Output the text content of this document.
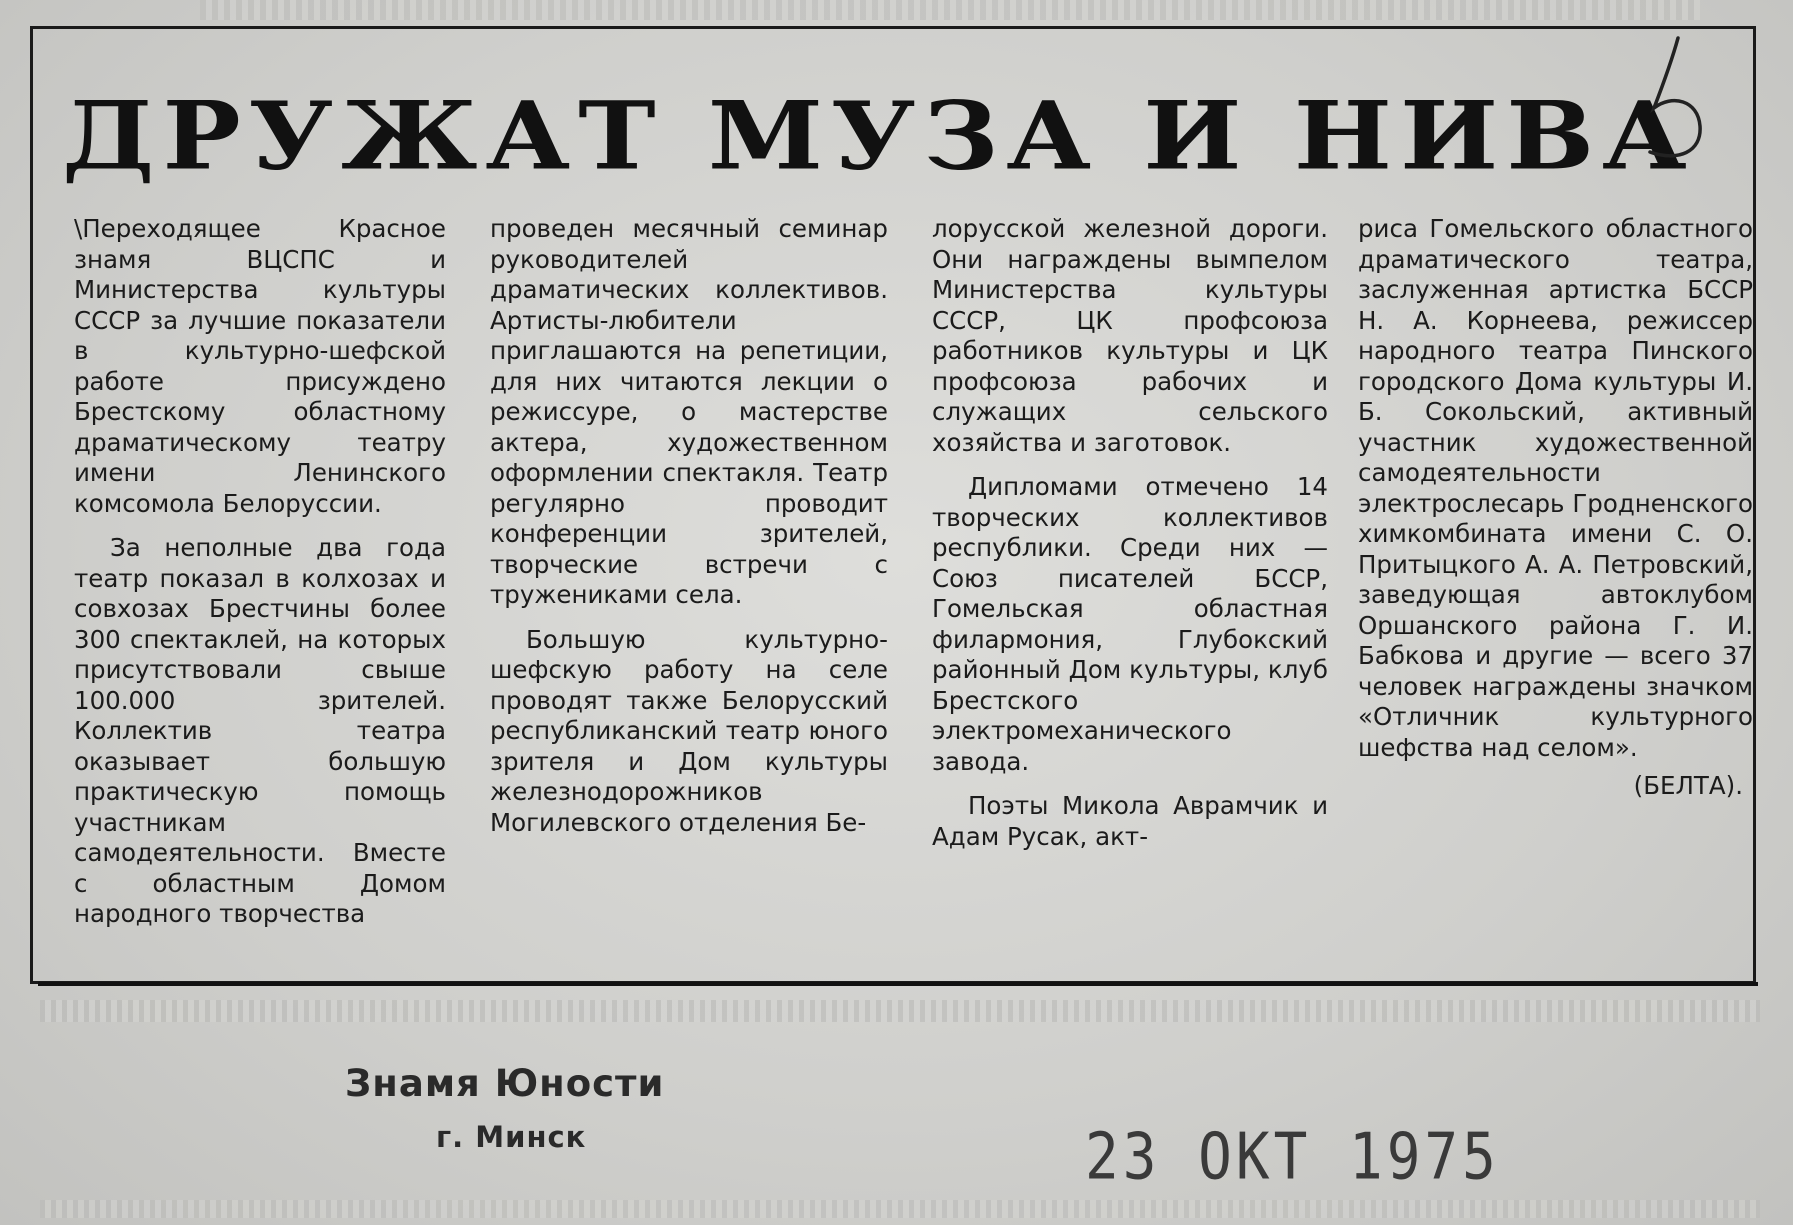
ДРУЖАТ МУЗА И НИВА

\Переходящее Красное знамя ВЦСПС и Министерства культуры СССР за лучшие показатели в культурно-шефской работе присуждено Брестскому областному драматическому театру имени Ленинского комсомола Белоруссии.

За неполные два года театр показал в колхозах и совхозах Брестчины более 300 спектаклей, на которых присутствовали свыше 100.000 зрителей. Коллектив театра оказывает большую практическую помощь участникам самодеятельности. Вместе с областным Домом народного творчества

проведен месячный семинар руководителей драматических коллективов. Артисты-любители приглашаются на репетиции, для них читаются лекции о режиссуре, о мастерстве актера, художественном оформлении спектакля. Театр регулярно проводит конференции зрителей, творческие встречи с тружениками села.

Большую культурно-шефскую работу на селе проводят также Белорусский республиканский театр юного зрителя и Дом культуры железнодорожников Могилевского отделения Бе-

лорусской железной дороги. Они награждены вымпелом Министерства культуры СССР, ЦК профсоюза работников культуры и ЦК профсоюза рабочих и служащих сельского хозяйства и заготовок.

Дипломами отмечено 14 творческих коллективов республики. Среди них — Союз писателей БССР, Гомельская областная филармония, Глубокский районный Дом культуры, клуб Брестского электромеханического завода.

Поэты Микола Аврамчик и Адам Русак, акт-

риса Гомельского областного драматического театра, заслуженная артистка БССР Н. А. Корнеева, режиссер народного театра Пинского городского Дома культуры И. Б. Сокольский, активный участник художественной самодеятельности электрослесарь Гродненского химкомбината имени С. О. Притыцкого А. А. Петровский, заведующая автоклубом Оршанского района Г. И. Бабкова и другие — всего 37 человек награждены значком «Отличник культурного шефства над селом».

(БЕЛТА).
Знамя Юности
г. Минск	23 ОКТ 1975
